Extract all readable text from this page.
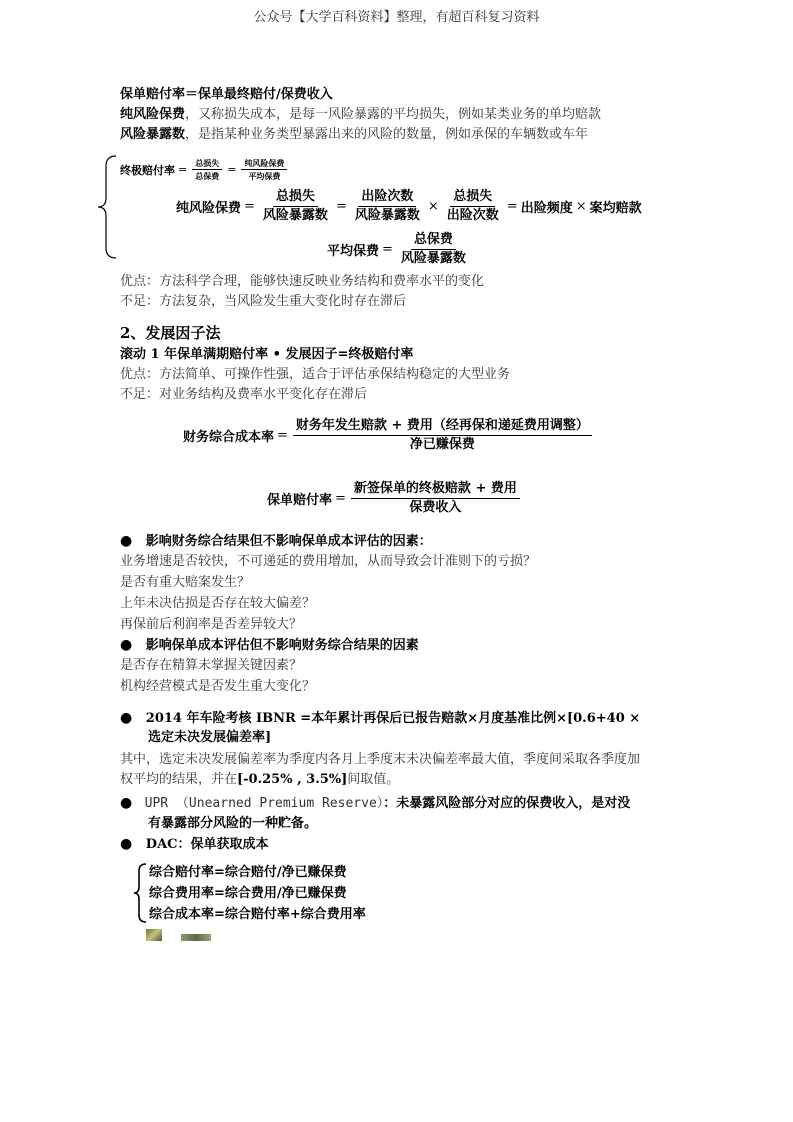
公众号【大学百科资料】整理，有超百科复习资料
保单赔付率＝保单最终赔付/保费收入
纯风险保费，又称损失成本，是每一风险暴露的平均损失，例如某类业务的单均赔款
风险暴露数，是指某种业务类型暴露出来的风险的数量，例如承保的车辆数或车年
终极赔付率 = $\frac{\text{总损失}}{\text{总保费}} = \frac{\text{纯风险保费}}{\text{平均保费}}$
纯风险保费 = $\frac{\text{总损失}}{\text{风险暴露数}} = \frac{\text{出险次数}}{\text{风险暴露数}} \times \frac{\text{总损失}}{\text{出险次数}}$ = 出险频度 × 案均赔款
平均保费 = $\frac{\text{总保费}}{\text{风险暴露数}}$
优点：方法科学合理，能够快速反映业务结构和费率水平的变化
不足：方法复杂，当风险发生重大变化时存在滞后
2、发展因子法
滚动 1 年保单满期赔付率 • 发展因子=终极赔付率
优点：方法简单、可操作性强，适合于评估承保结构稳定的大型业务
不足：对业务结构及费率水平变化存在滞后
财务综合成本率 = $\frac{\text{财务年发生赔款 + 费用（经再保和递延费用调整）}}{\text{净已赚保费}}$
保单赔付率 = $\frac{\text{新签保单的终极赔款 + 费用}}{\text{保费收入}}$
● 影响财务综合结果但不影响保单成本评估的因素：
业务增速是否较快，不可递延的费用增加，从而导致会计准则下的亏损？
是否有重大赔案发生？
上年未决估损是否存在较大偏差？
再保前后利润率是否差异较大？
● 影响保单成本评估但不影响财务综合结果的因素
是否存在精算未掌握关键因素？
机构经营模式是否发生重大变化？
● 2014 年车险考核 IBNR =本年累计再保后已报告赔款×月度基准比例×[0.6+40 ×
选定未决发展偏差率]
其中，选定未决发展偏差率为季度内各月上季度末未决偏差率最大值，季度间采取各季度加
权平均的结果，并在[-0.25% , 3.5%]间取值。
● UPR （Unearned Premium Reserve）：未暴露风险部分对应的保费收入，是对没
有暴露部分风险的一种贮备。
● DAC：保单获取成本
综合赔付率=综合赔付/净已赚保费
综合费用率=综合费用/净已赚保费
综合成本率=综合赔付率+综合费用率
